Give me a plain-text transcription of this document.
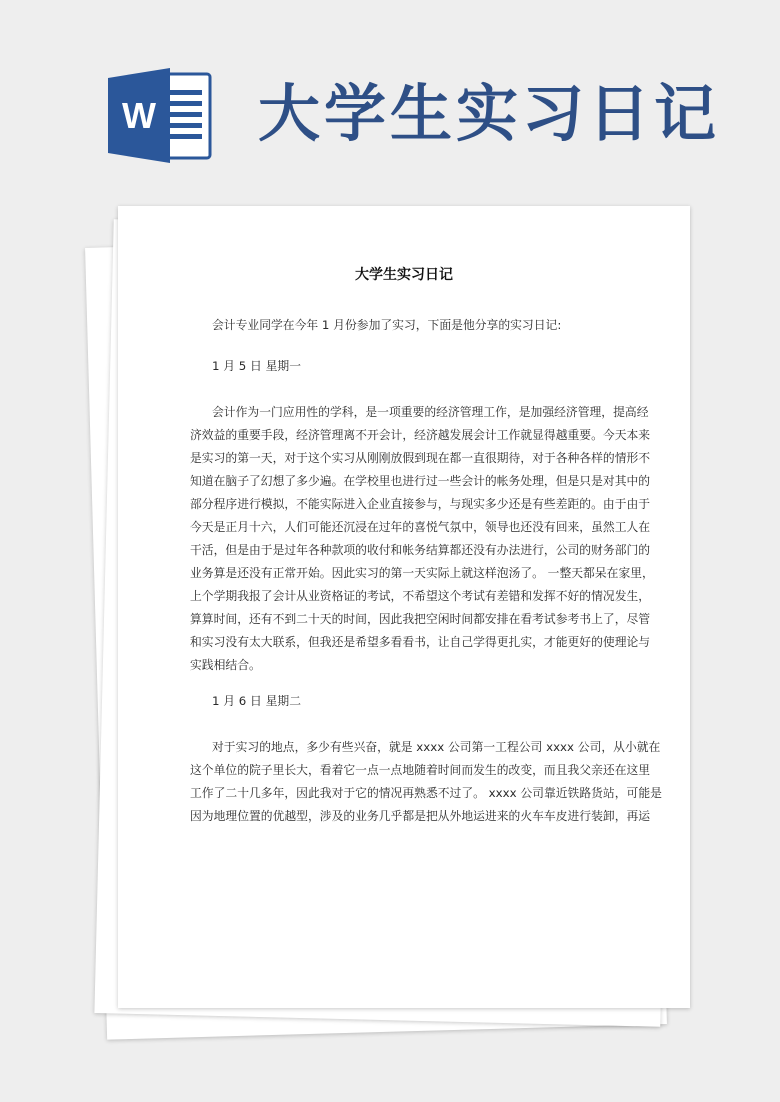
W 大学生实习日记
大学生实习日记

会计专业同学在今年 1 月份参加了实习，下面是他分享的实习日记:

1 月 5 日 星期一

会计作为一门应用性的学科，是一项重要的经济管理工作，是加强经济管理，提高经

济效益的重要手段，经济管理离不开会计，经济越发展会计工作就显得越重要。今天本来

是实习的第一天，对于这个实习从刚刚放假到现在都一直很期待，对于各种各样的情形不

知道在脑子了幻想了多少遍。在学校里也进行过一些会计的帐务处理，但是只是对其中的

部分程序进行模拟，不能实际进入企业直接参与，与现实多少还是有些差距的。由于由于

今天是正月十六，人们可能还沉浸在过年的喜悦气氛中，领导也还没有回来，虽然工人在

干活，但是由于是过年各种款项的收付和帐务结算都还没有办法进行，公司的财务部门的

业务算是还没有正常开始。因此实习的第一天实际上就这样泡汤了。 一整天都呆在家里，

上个学期我报了会计从业资格证的考试，不希望这个考试有差错和发挥不好的情况发生，

算算时间，还有不到二十天的时间，因此我把空闲时间都安排在看考试参考书上了，尽管

和实习没有太大联系，但我还是希望多看看书，让自己学得更扎实，才能更好的使理论与

实践相结合。

1 月 6 日 星期二

对于实习的地点，多少有些兴奋，就是 xxxx 公司第一工程公司 xxxx 公司，从小就在

这个单位的院子里长大，看着它一点一点地随着时间而发生的改变，而且我父亲还在这里

工作了二十几多年，因此我对于它的情况再熟悉不过了。 xxxx 公司靠近铁路货站，可能是

因为地理位置的优越型，涉及的业务几乎都是把从外地运进来的火车车皮进行装卸，再运
